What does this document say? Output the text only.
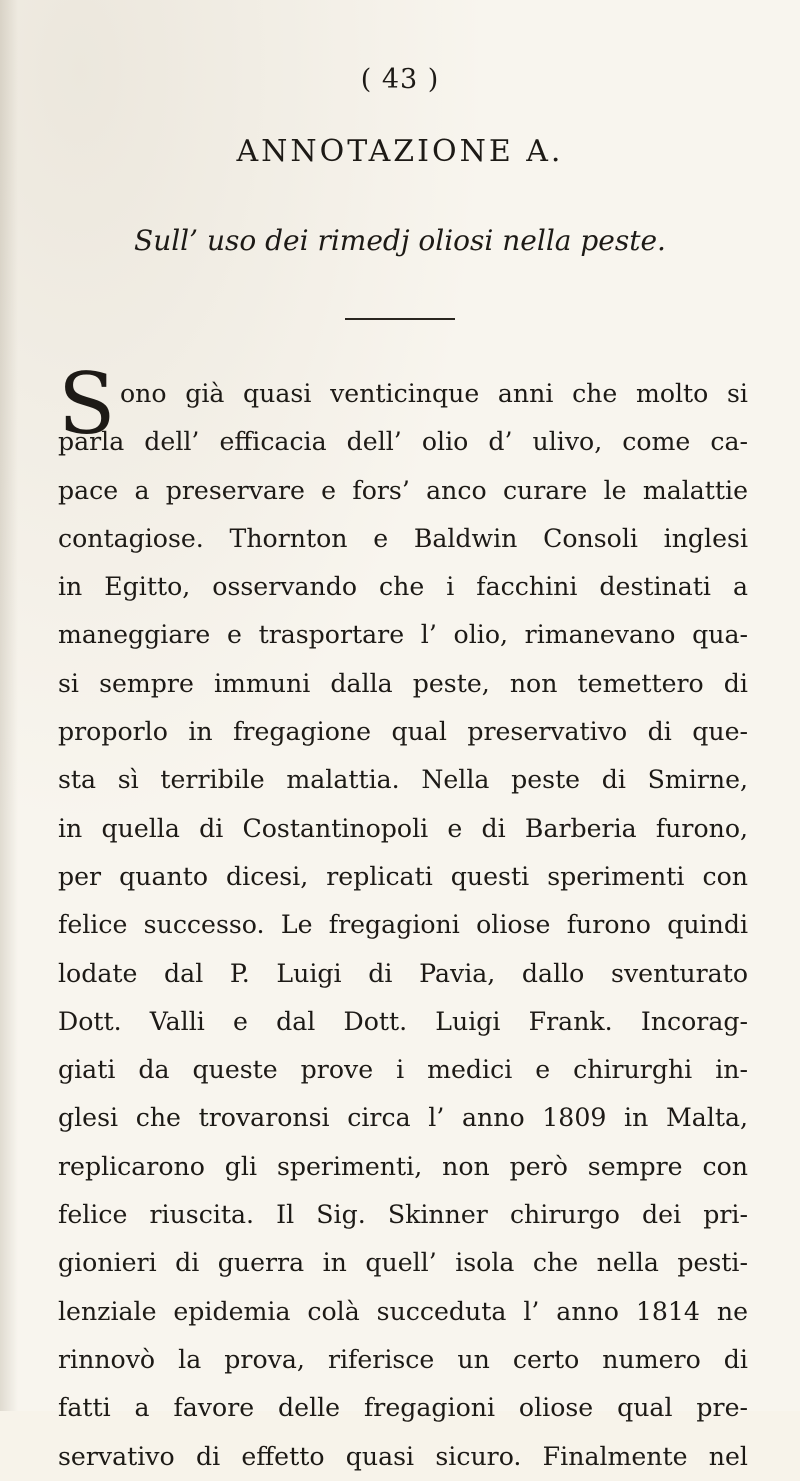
( 43 )
ANNOTAZIONE A.
Sull’ uso dei rimedj oliosi nella peste.
S ono già quasi venticinque anni che molto si
parla dell’ efficacia dell’ olio d’ ulivo, come ca-
pace a preservare e fors’ anco curare le malattie
contagiose. Thornton e Baldwin Consoli inglesi
in Egitto, osservando che i facchini destinati a
maneggiare e trasportare l’ olio, rimanevano qua-
si sempre immuni dalla peste, non temettero di
proporlo in fregagione qual preservativo di que-
sta sì terribile malattia. Nella peste di Smirne,
in quella di Costantinopoli e di Barberia furono,
per quanto dicesi, replicati questi sperimenti con
felice successo. Le fregagioni oliose furono quindi
lodate dal P. Luigi di Pavia, dallo sventurato
Dott. Valli e dal Dott. Luigi Frank. Incorag-
giati da queste prove i medici e chirurghi in-
glesi che trovaronsi circa l’ anno 1809 in Malta,
replicarono gli sperimenti, non però sempre con
felice riuscita. Il Sig. Skinner chirurgo dei pri-
gionieri di guerra in quell’ isola che nella pesti-
lenziale epidemia colà succeduta l’ anno 1814 ne
rinnovò la prova, riferisce un certo numero di
fatti a favore delle fregagioni oliose qual pre-
servativo di effetto quasi sicuro. Finalmente nel
